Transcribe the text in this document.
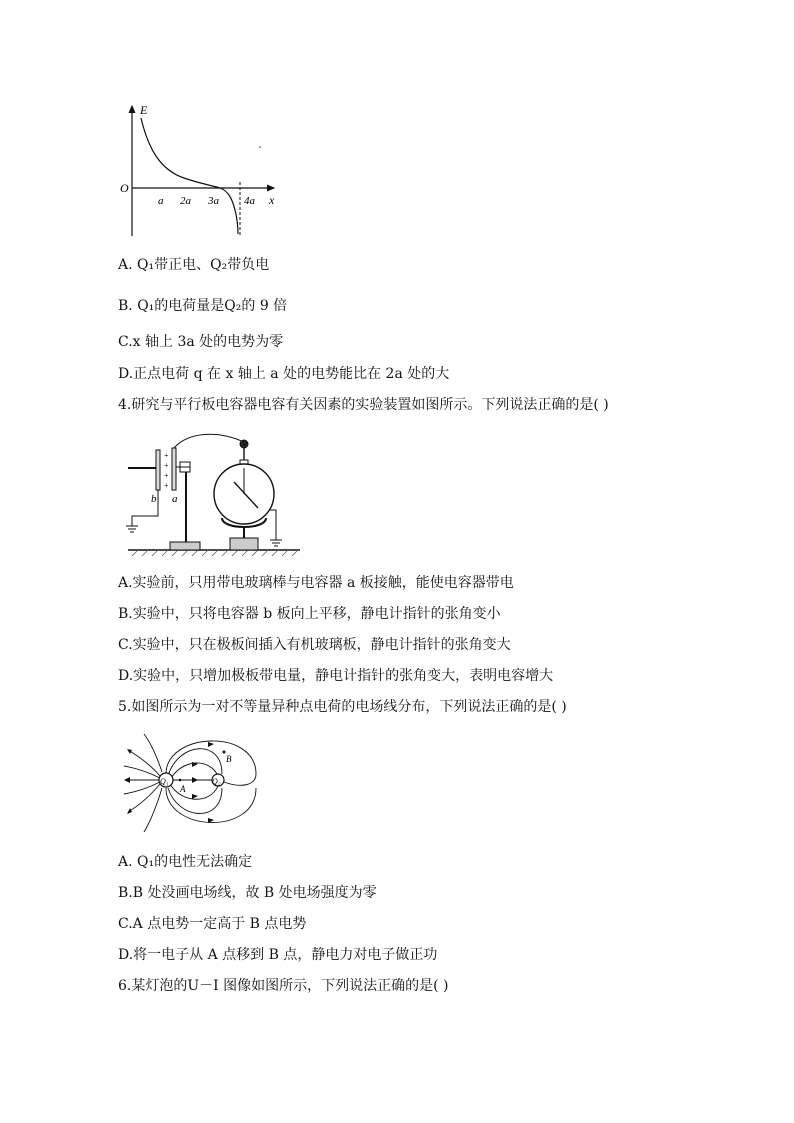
E
O
x
a 2a 3a 4a
A. Q₁带正电、Q₂带负电
B. Q₁的电荷量是Q₂的 9 倍
C.x 轴上 3a 处的电势为零
D.正点电荷 q 在 x 轴上 a 处的电势能比在 2a 处的大
4.研究与平行板电容器电容有关因素的实验装置如图所示。下列说法正确的是( )
+
+
+
+
b a
A.实验前，只用带电玻璃棒与电容器 a 板接触，能使电容器带电
B.实验中，只将电容器 b 板向上平移，静电计指针的张角变小
C.实验中，只在极板间插入有机玻璃板，静电计指针的张角变大
D.实验中，只增加极板带电量，静电计指针的张角变大，表明电容增大
5.如图所示为一对不等量异种点电荷的电场线分布，下列说法正确的是( )
Q₁	Q₂
A
B
A. Q₁的电性无法确定
B.B 处没画电场线，故 B 处电场强度为零
C.A 点电势一定高于 B 点电势
D.将一电子从 A 点移到 B 点，静电力对电子做正功
6.某灯泡的U－I 图像如图所示，下列说法正确的是( )
